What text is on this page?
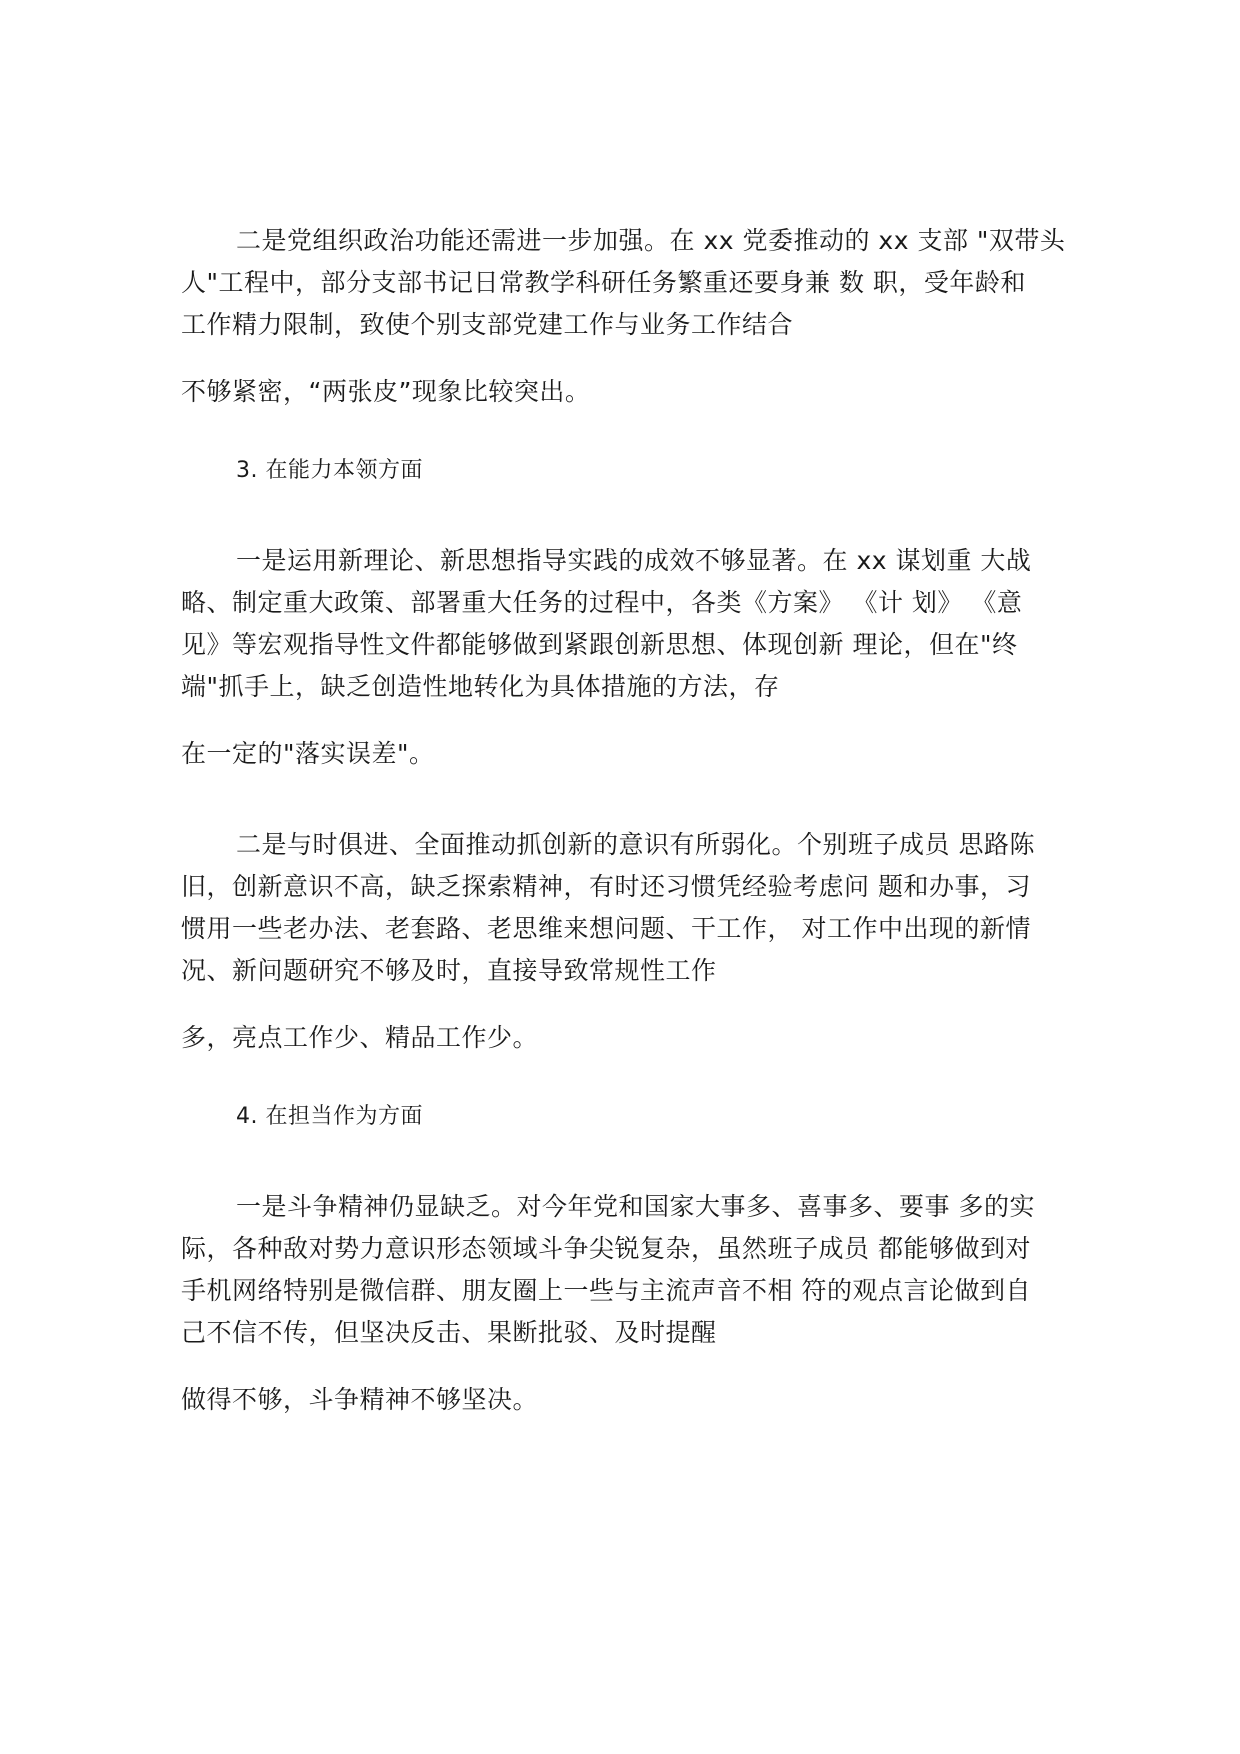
二是党组织政治功能还需进一步加强。在 xx 党委推动的 xx 支部 "双带头
人"工程中，部分支部书记日常教学科研任务繁重还要身兼 数 职，受年龄和
工作精力限制，致使个别支部党建工作与业务工作结合
不够紧密，“两张皮”现象比较突出。
3. 在能力本领方面
一是运用新理论、新思想指导实践的成效不够显著。在 xx 谋划重 大战
略、制定重大政策、部署重大任务的过程中，各类《方案》 《计 划》 《意
见》等宏观指导性文件都能够做到紧跟创新思想、体现创新 理论，但在"终
端"抓手上，缺乏创造性地转化为具体措施的方法，存
在一定的"落实误差"。
二是与时俱进、全面推动抓创新的意识有所弱化。个别班子成员 思路陈
旧，创新意识不高，缺乏探索精神，有时还习惯凭经验考虑问 题和办事，习
惯用一些老办法、老套路、老思维来想问题、干工作， 对工作中出现的新情
况、新问题研究不够及时，直接导致常规性工作
多，亮点工作少、精品工作少。
4. 在担当作为方面
一是斗争精神仍显缺乏。对今年党和国家大事多、喜事多、要事 多的实
际，各种敌对势力意识形态领域斗争尖锐复杂，虽然班子成员 都能够做到对
手机网络特别是微信群、朋友圈上一些与主流声音不相 符的观点言论做到自
己不信不传，但坚决反击、果断批驳、及时提醒
做得不够，斗争精神不够坚决。
